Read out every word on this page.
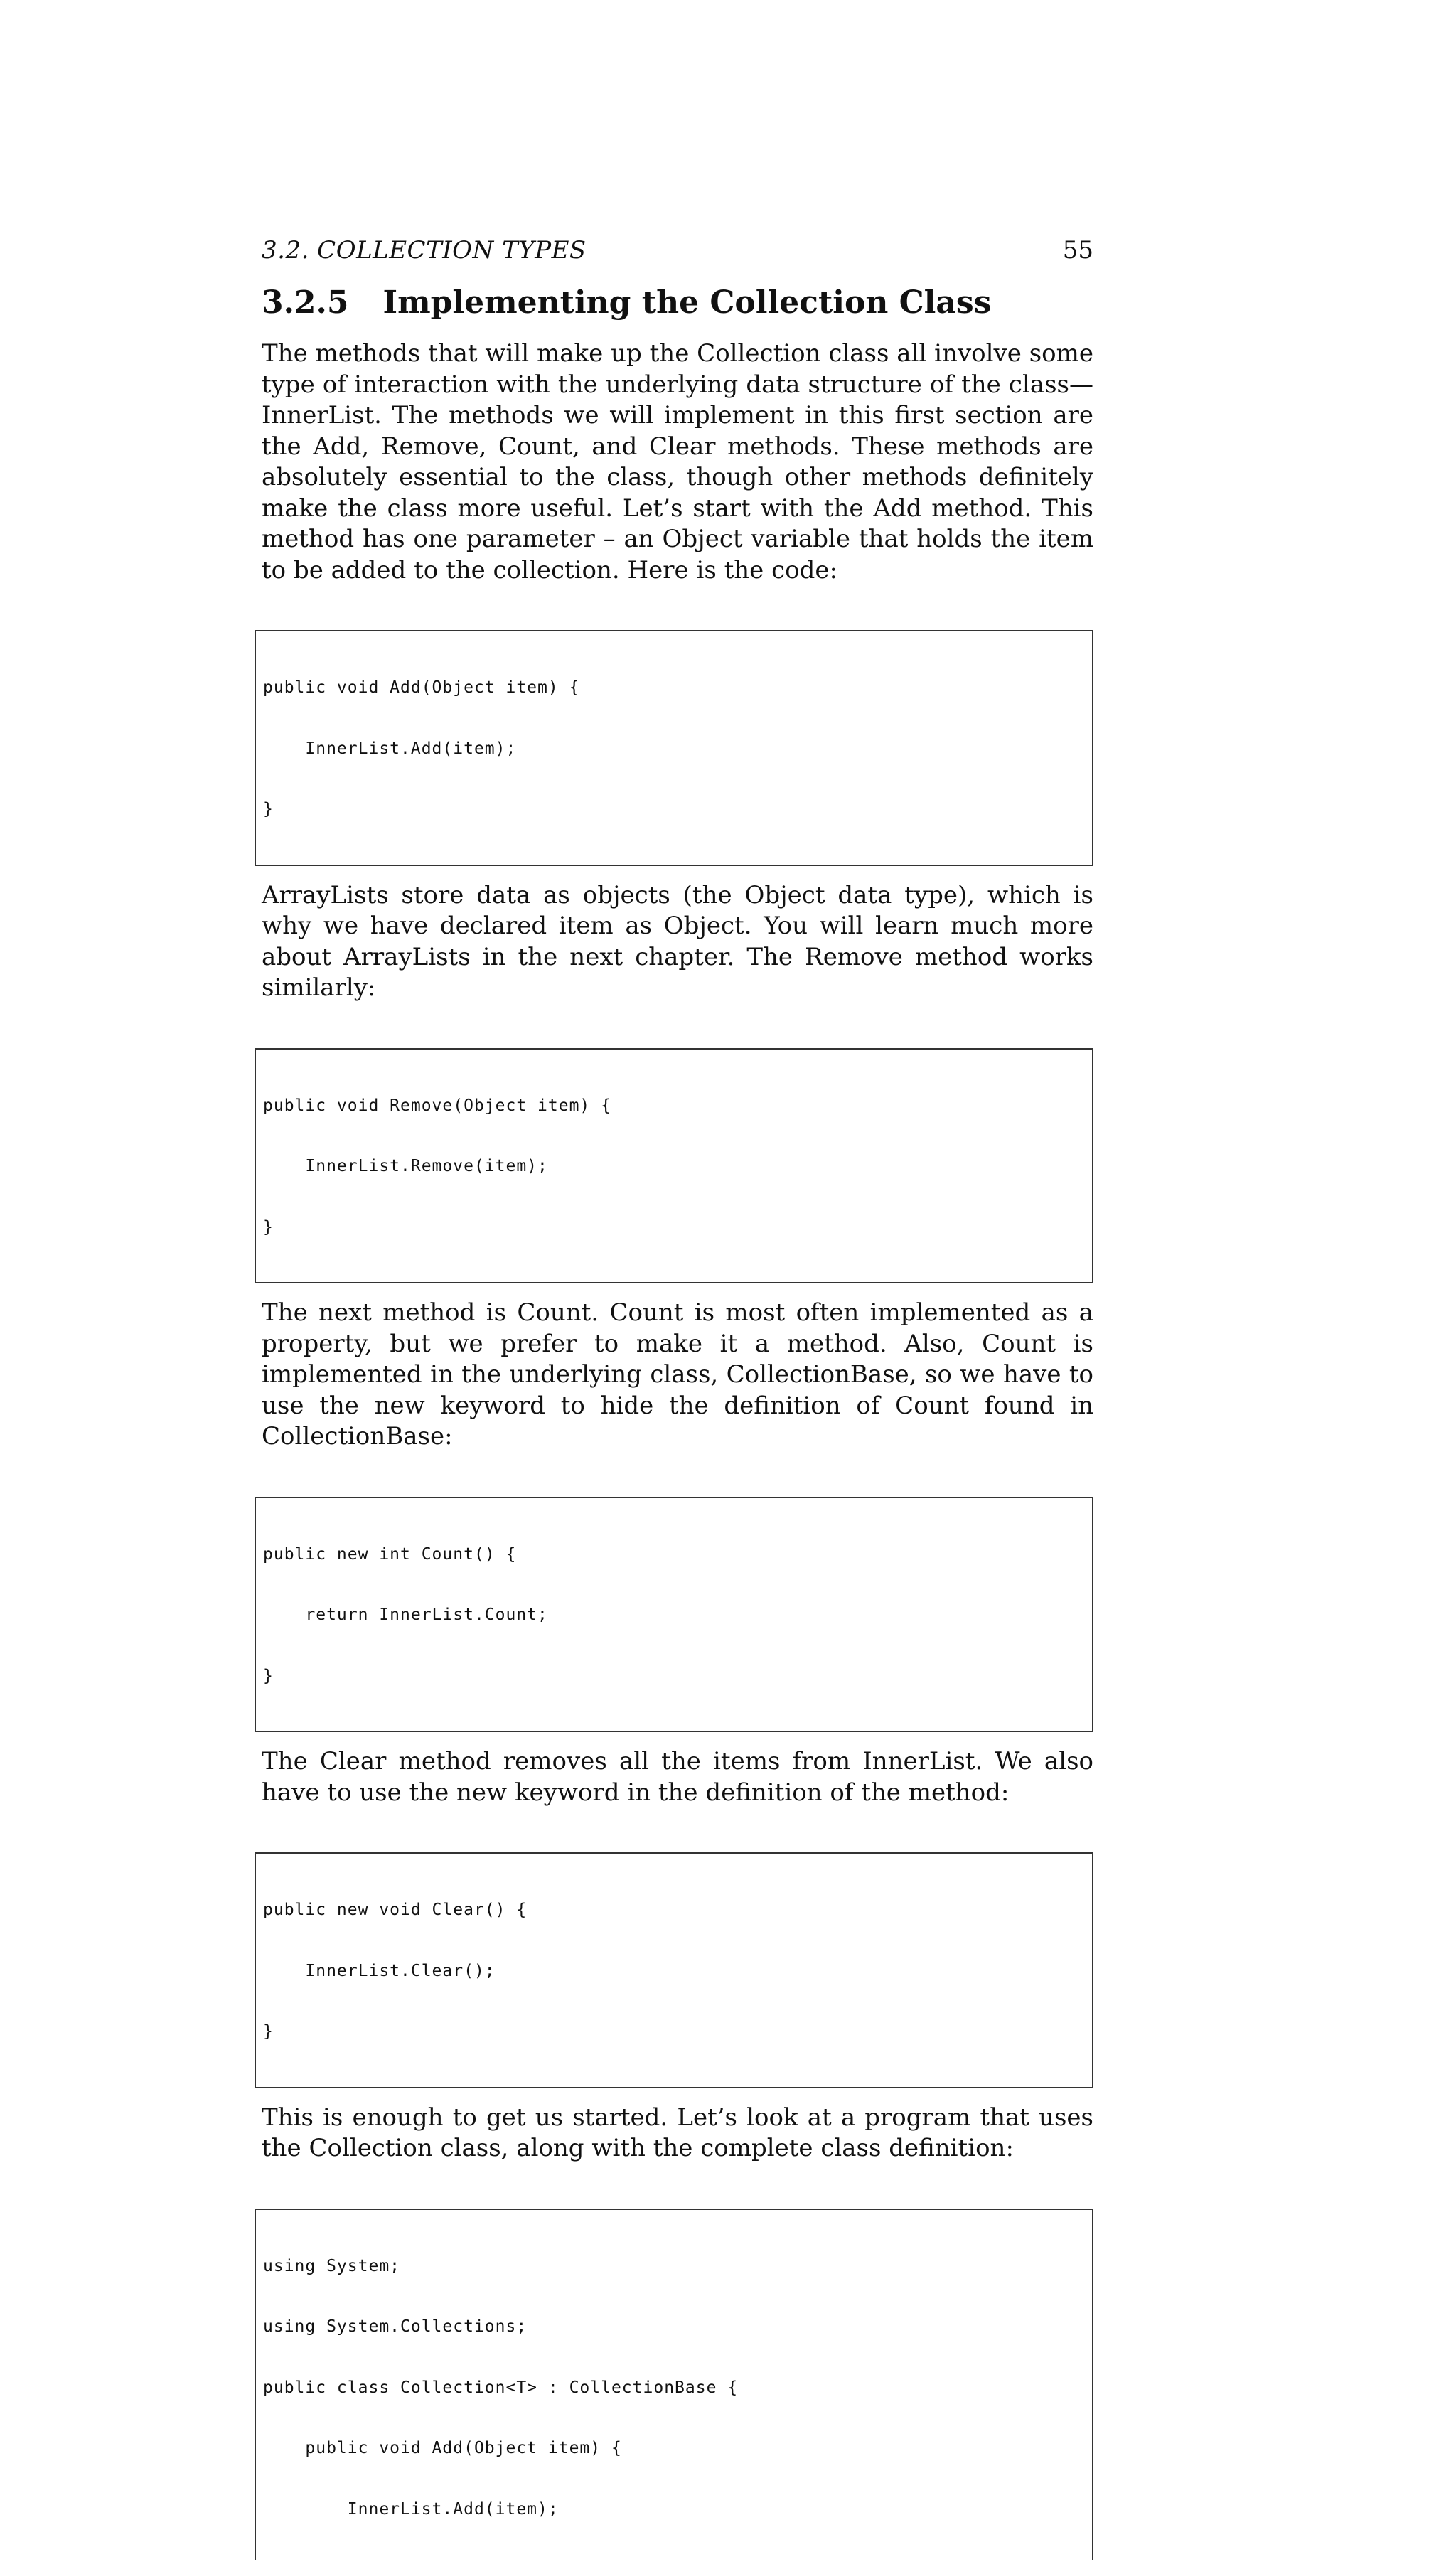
3.2. COLLECTION TYPES	55
3.2.5 Implementing the Collection Class

The methods that will make up the Collection class all involve some type of interaction with the underlying data structure of the class—InnerList. The methods we will implement in this first section are the Add, Remove, Count, and Clear methods. These methods are absolutely essential to the class, though other methods definitely make the class more useful. Let’s start with the Add method. This method has one parameter – an Object variable that holds the item to be added to the collection. Here is the code:

public void Add(Object item) {

InnerList.Add(item);

}

ArrayLists store data as objects (the Object data type), which is why we have declared item as Object. You will learn much more about ArrayLists in the next chapter. The Remove method works similarly:

public void Remove(Object item) {

InnerList.Remove(item);

}

The next method is Count. Count is most often implemented as a property, but we prefer to make it a method. Also, Count is implemented in the underlying class, CollectionBase, so we have to use the new keyword to hide the definition of Count found in CollectionBase:

public new int Count() {

return InnerList.Count;

}

The Clear method removes all the items from InnerList. We also have to use the new keyword in the definition of the method:

public new void Clear() {

InnerList.Clear();

}

This is enough to get us started. Let’s look at a program that uses the Collection class, along with the complete class definition:

using System;

using System.Collections;

public class Collection<T> : CollectionBase {

public void Add(Object item) {

InnerList.Add(item);
